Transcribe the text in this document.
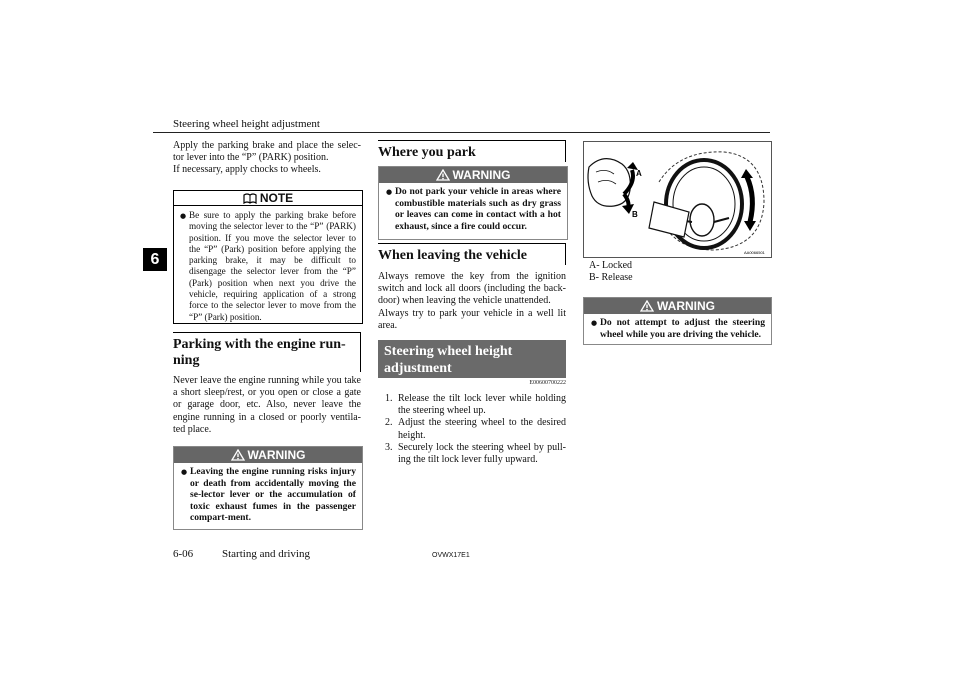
Steering wheel height adjustment
6

Apply the parking brake and place the selec-tor lever into the “P” (PARK) position.

If necessary, apply chocks to wheels.

NOTE
● Be sure to apply the parking brake before moving the selector lever to the “P” (PARK) position. If you move the selector lever to the “P” (Park) position before applying the parking brake, it may be difficult to disengage the selector lever from the “P” (Park) position when next you drive the vehicle, requiring application of a strong force to the selector lever to move from the “P” (Park) position.
Parking with the engine run-ning
Never leave the engine running while you take a short sleep/rest, or you open or close a gate or garage door, etc. Also, never leave the engine running in a closed or poorly ventila-ted place.
WARNING
● Leaving the engine running risks injury or death from accidentally moving the se-lector lever or the accumulation of toxic exhaust fumes in the passenger compart-ment.
Where you park
WARNING
● Do not park your vehicle in areas where combustible materials such as dry grass or leaves can come in contact with a hot exhaust, since a fire could occur.
When leaving the vehicle

Always remove the key from the ignition switch and lock all doors (including the back-door) when leaving the vehicle unattended.

Always try to park your vehicle in a well lit area.

Steering wheel height adjustment
E00600700222
1. Release the tilt lock lever while holding the steering wheel up.
2. Adjust the steering wheel to the desired height.
3. Securely lock the steering wheel by pull-ing the tilt lock lever fully upward.
A
B
AA0066501

A- Locked

B- Release

WARNING
● Do not attempt to adjust the steering wheel while you are driving the vehicle.
6-06	Starting and driving	OVWX17E1
